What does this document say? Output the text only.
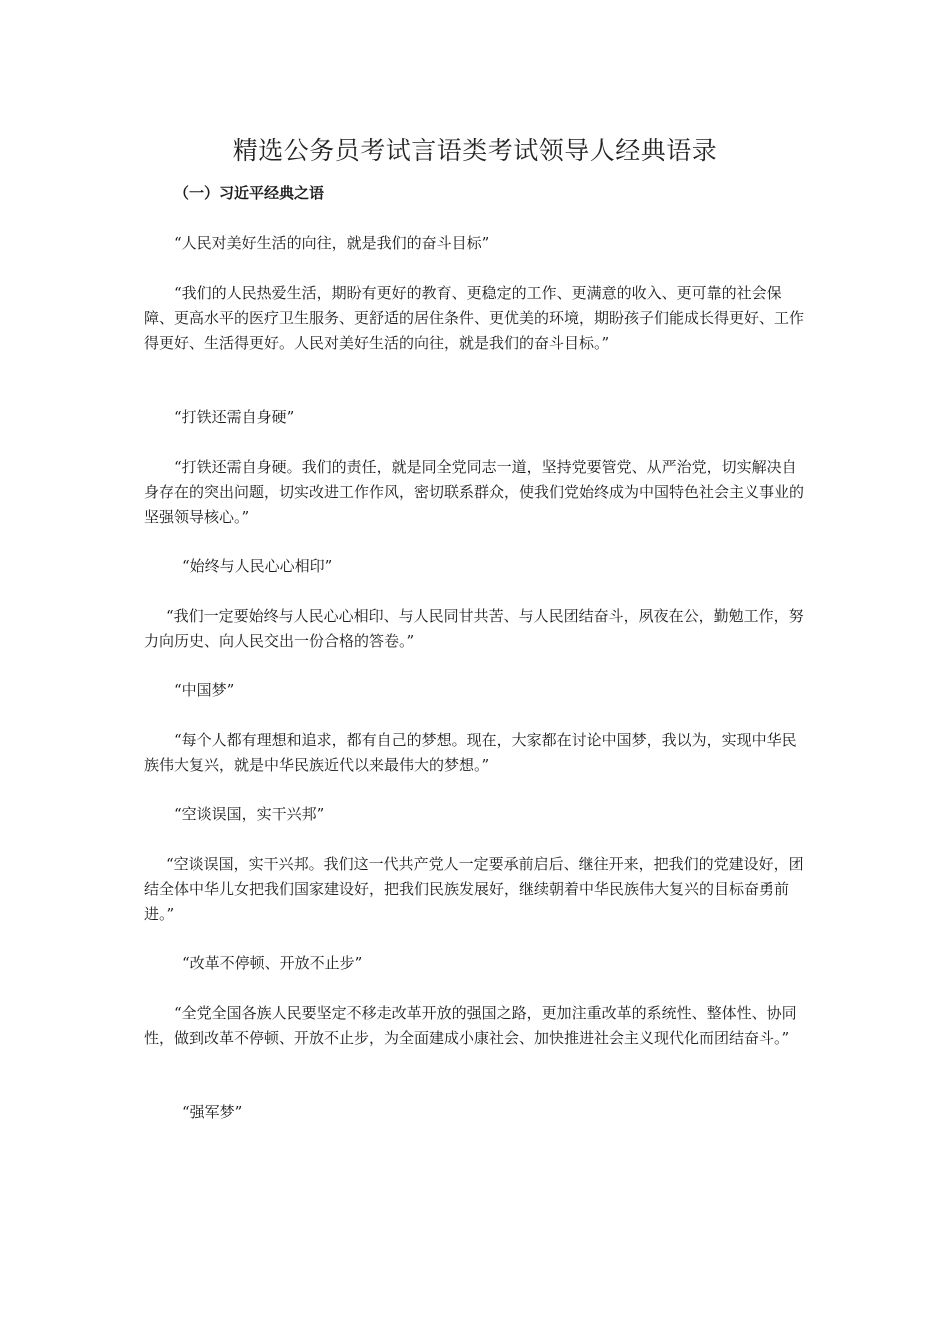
精选公务员考试言语类考试领导人经典语录
（一）习近平经典之语
“人民对美好生活的向往，就是我们的奋斗目标”

“我们的人民热爱生活，期盼有更好的教育、更稳定的工作、更满意的收入、更可靠的社会保障、更高水平的医疗卫生服务、更舒适的居住条件、更优美的环境，期盼孩子们能成长得更好、工作得更好、生活得更好。人民对美好生活的向往，就是我们的奋斗目标。”

“打铁还需自身硬”

“打铁还需自身硬。我们的责任，就是同全党同志一道，坚持党要管党、从严治党，切实解决自身存在的突出问题，切实改进工作作风，密切联系群众，使我们党始终成为中国特色社会主义事业的坚强领导核心。”

“始终与人民心心相印”

“我们一定要始终与人民心心相印、与人民同甘共苦、与人民团结奋斗，夙夜在公，勤勉工作，努力向历史、向人民交出一份合格的答卷。”

“中国梦”

“每个人都有理想和追求，都有自己的梦想。现在，大家都在讨论中国梦，我以为，实现中华民族伟大复兴，就是中华民族近代以来最伟大的梦想。”

“空谈误国，实干兴邦”

“空谈误国，实干兴邦。我们这一代共产党人一定要承前启后、继往开来，把我们的党建设好，团结全体中华儿女把我们国家建设好，把我们民族发展好，继续朝着中华民族伟大复兴的目标奋勇前进。”

“改革不停顿、开放不止步”

“全党全国各族人民要坚定不移走改革开放的强国之路，更加注重改革的系统性、整体性、协同性，做到改革不停顿、开放不止步，为全面建成小康社会、加快推进社会主义现代化而团结奋斗。”

“强军梦”
